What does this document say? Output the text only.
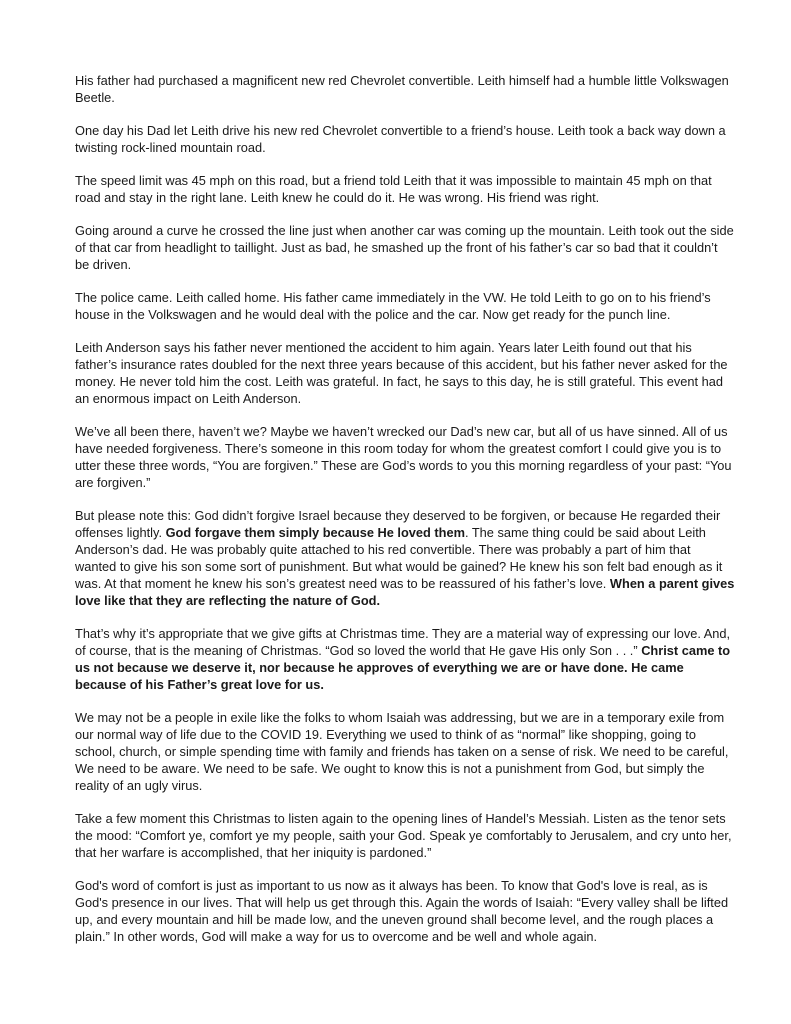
His father had purchased a magnificent new red Chevrolet convertible. Leith himself had a humble little Volkswagen Beetle.

One day his Dad let Leith drive his new red Chevrolet convertible to a friend’s house. Leith took a back way down a twisting rock-lined mountain road.

The speed limit was 45 mph on this road, but a friend told Leith that it was impossible to maintain 45 mph on that road and stay in the right lane. Leith knew he could do it. He was wrong. His friend was right.

Going around a curve he crossed the line just when another car was coming up the mountain. Leith took out the side of that car from headlight to taillight. Just as bad, he smashed up the front of his father’s car so bad that it couldn’t be driven.

The police came. Leith called home. His father came immediately in the VW. He told Leith to go on to his friend’s house in the Volkswagen and he would deal with the police and the car. Now get ready for the punch line.

Leith Anderson says his father never mentioned the accident to him again. Years later Leith found out that his father’s insurance rates doubled for the next three years because of this accident, but his father never asked for the money. He never told him the cost. Leith was grateful. In fact, he says to this day, he is still grateful. This event had an enormous impact on Leith Anderson.

We’ve all been there, haven’t we? Maybe we haven’t wrecked our Dad’s new car, but all of us have sinned. All of us have needed forgiveness. There’s someone in this room today for whom the greatest comfort I could give you is to utter these three words, “You are forgiven.” These are God’s words to you this morning regardless of your past: “You are forgiven.”

But please note this: God didn’t forgive Israel because they deserved to be forgiven, or because He regarded their offenses lightly. God forgave them simply because He loved them. The same thing could be said about Leith Anderson’s dad. He was probably quite attached to his red convertible. There was probably a part of him that wanted to give his son some sort of punishment. But what would be gained? He knew his son felt bad enough as it was. At that moment he knew his son’s greatest need was to be reassured of his father’s love. When a parent gives love like that they are reflecting the nature of God.

That’s why it’s appropriate that we give gifts at Christmas time. They are a material way of expressing our love. And, of course, that is the meaning of Christmas. “God so loved the world that He gave His only Son . . .” Christ came to us not because we deserve it, nor because he approves of everything we are or have done. He came because of his Father’s great love for us.

We may not be a people in exile like the folks to whom Isaiah was addressing, but we are in a temporary exile from our normal way of life due to the COVID 19. Everything we used to think of as “normal” like shopping, going to school, church, or simple spending time with family and friends has taken on a sense of risk. We need to be careful, We need to be aware. We need to be safe. We ought to know this is not a punishment from God, but simply the reality of an ugly virus.

Take a few moment this Christmas to listen again to the opening lines of Handel’s Messiah. Listen as the tenor sets the mood: “Comfort ye, comfort ye my people, saith your God. Speak ye comfortably to Jerusalem, and cry unto her, that her warfare is accomplished, that her iniquity is pardoned.”

God's word of comfort is just as important to us now as it always has been. To know that God's love is real, as is God's presence in our lives. That will help us get through this. Again the words of Isaiah: “Every valley shall be lifted up, and every mountain and hill be made low, and the uneven ground shall become level, and the rough places a plain.” In other words, God will make a way for us to overcome and be well and whole again.
